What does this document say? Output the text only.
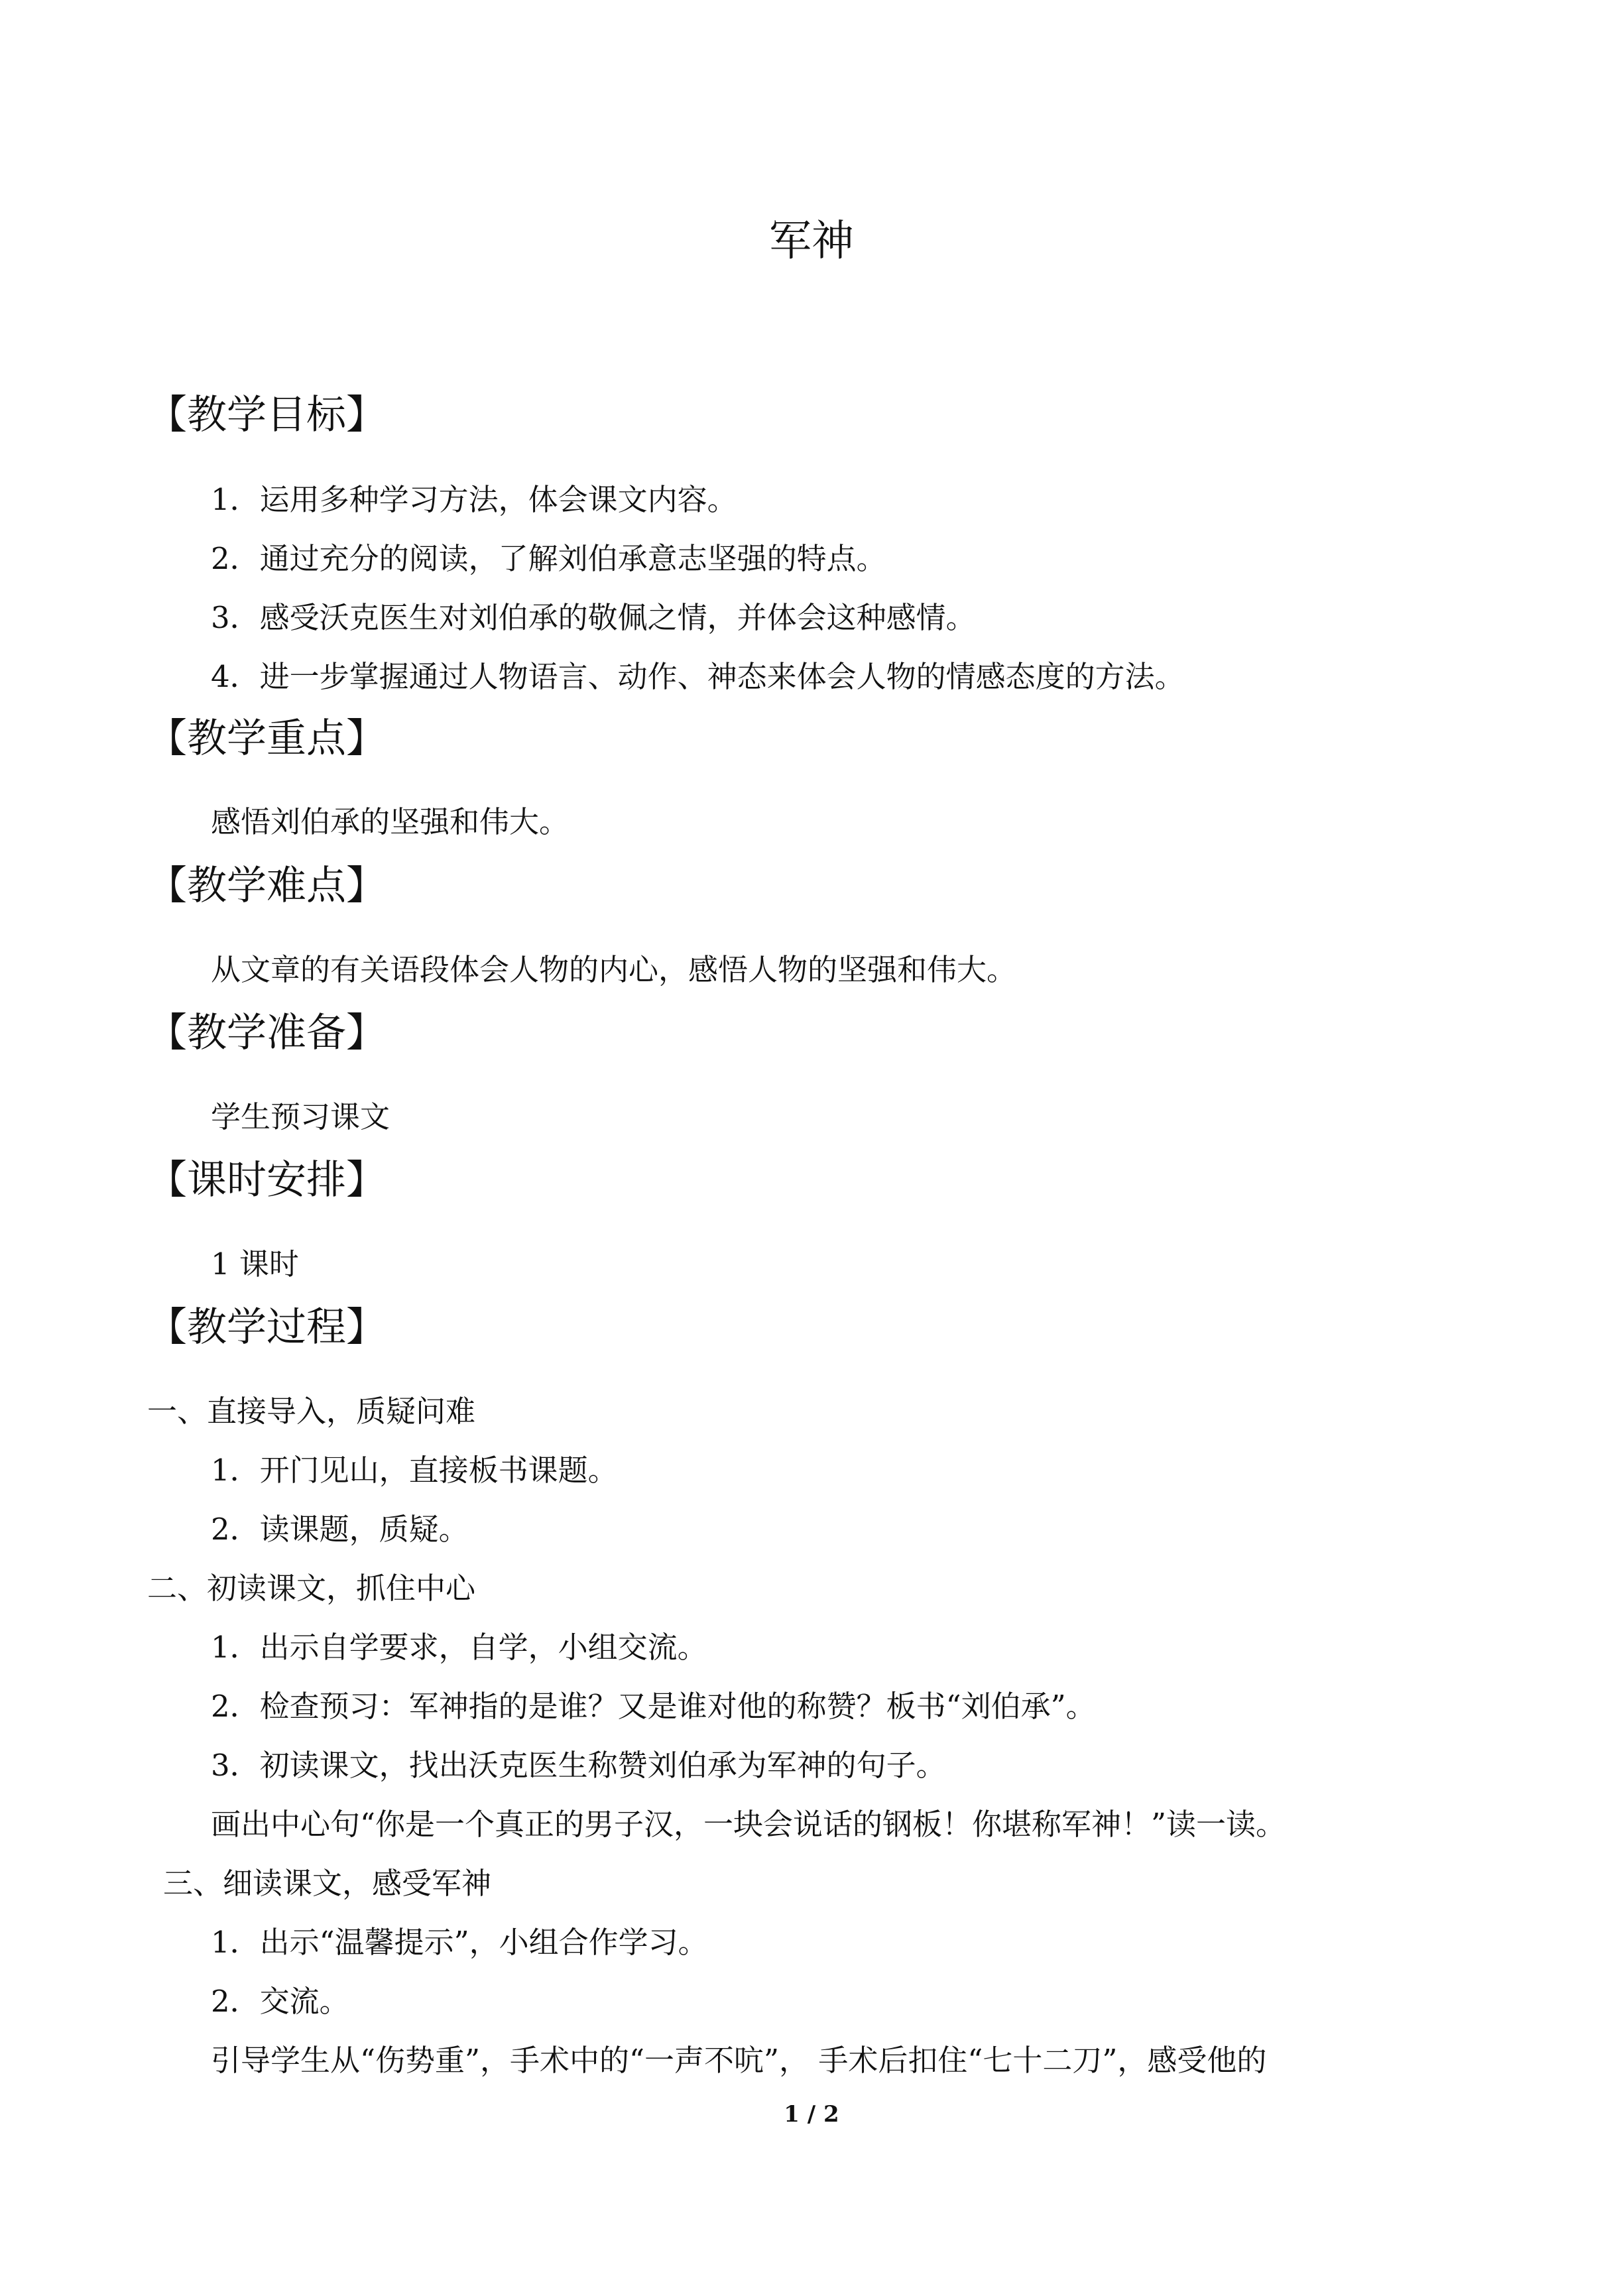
军神
【教学目标】
1．运用多种学习方法，体会课文内容。
2．通过充分的阅读，了解刘伯承意志坚强的特点。
3．感受沃克医生对刘伯承的敬佩之情，并体会这种感情。
4．进一步掌握通过人物语言、动作、神态来体会人物的情感态度的方法。
【教学重点】
感悟刘伯承的坚强和伟大。
【教学难点】
从文章的有关语段体会人物的内心，感悟人物的坚强和伟大。
【教学准备】
学生预习课文
【课时安排】
1 课时
【教学过程】
一、直接导入，质疑问难
1．开门见山，直接板书课题。
2．读课题，质疑。
二、初读课文，抓住中心
1．出示自学要求，自学，小组交流。
2．检查预习：军神指的是谁？又是谁对他的称赞？板书“刘伯承”。
3．初读课文，找出沃克医生称赞刘伯承为军神的句子。
画出中心句“你是一个真正的男子汉，一块会说话的钢板！你堪称军神！”读一读。
三、细读课文，感受军神
1．出示“温馨提示”，小组合作学习。
2．交流。
引导学生从“伤势重”，手术中的“一声不吭”， 手术后扣住“七十二刀”，感受他的
1 / 2
